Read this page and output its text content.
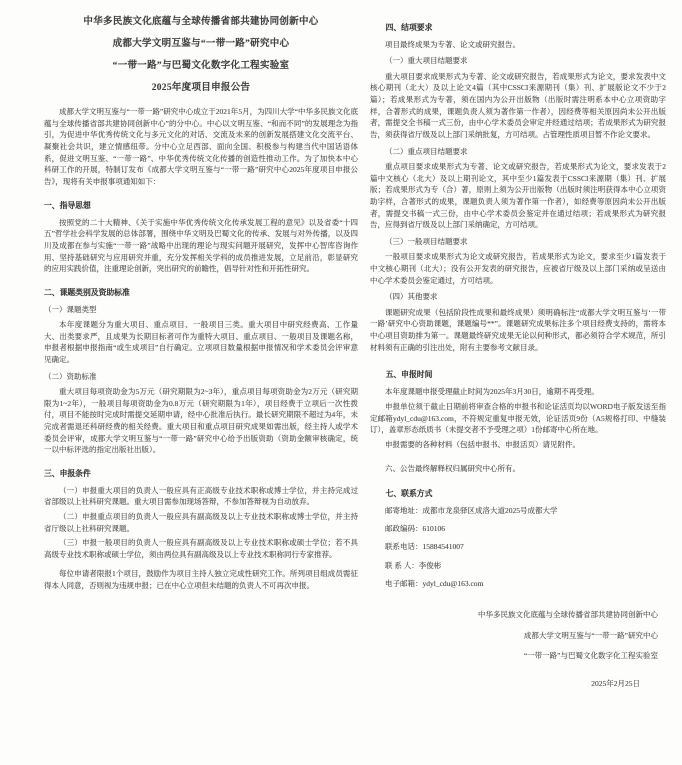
中华多民族文化底蕴与全球传播省部共建协同创新中心
成都大学文明互鉴与“一带一路”研究中心
“一带一路”与巴蜀文化数字化工程实验室
2025年度项目申报公告

成都大学文明互鉴与“一带一路”研究中心成立于2021年5月，为四川大学“中华多民族文化底蕴与全球传播省部共建协同创新中心”的分中心。中心以文明互鉴、“和而不同”的发展理念为指引，为促进中华优秀传统文化与多元文化的对话、交流及未来的创新发展搭建文化交流平台、凝聚社会共识，建立情感纽带。分中心立足西部、面向全国、积极参与构建当代中国话语体系，促进文明互鉴、“一带一路”、中华优秀传统文化传播的创造性推动工作。为了加快本中心科研工作的开展，特制订发布《成都大学文明互鉴与“一带一路”研究中心2025年度项目申报公告》，现将有关申报事项通知如下：

一、指导思想

按照党的二十大精神、《关于实施中华优秀传统文化传承发展工程的意见》以及省委“十四五”哲学社会科学发展的总体部署，围绕中华文明及巴蜀文化的传承、发展与对外传播，以及四川及成都在参与实施“一带一路”战略中出现的理论与现实问题开展研究，发挥中心智库咨询作用、坚持基础研究与应用研究并重，充分发挥相关学科的成员推进发展，立足前沿，彰显研究的应用实践价值，注重理论创新，突出研究的前瞻性，倡导针对性和开拓性研究。

二、课题类别及资助标准

（一）课题类型

本年度课题分为重大项目、重点项目、一般项目三类。重大项目中研究经费高、工作量大、出类要求严，且成果为长期目标者可作为重特大项目、重点项目、一般项目及课题名称，申报者根据申报指南“或生成项目”自行确定。立项项目数量根据申报情况和学术委员会评审意见确定。

（二）资助标准

重大项目每项资助金为5万元（研究期限为2~3年），重点项目每项资助金为2万元（研究期限为1~2年），一般项目每项资助金为0.8万元（研究期限为1年），项目经费于立项后一次性拨付，项目不能按时完成时需提交延期申请，经中心批准后执行。最长研究期限不超过为4年，未完成者需退还科研经费的相关经费。重大项目和重点项目研究成果如需出版，经主持人或学术委员会评审，成都大学文明互鉴与“一带一路”研究中心给予出版资助（资助金额审核确定，统一以中标评选的指定出版社出版）。

三、申报条件

（一）申报重大项目的负责人一般应具有正高级专业技术职称或博士学位，并主持完成过省部级以上社科研究课题。重大项目需参加现场答辩，不参加答辩视为自动放弃。

（二）申报重点项目的负责人一般应具有副高级及以上专业技术职称或博士学位，并主持省厅级以上社科研究课题。

（三）申报一般项目的负责人一般应具有副高级及以上专业技术职称或硕士学位；若不具高级专业技术职称或硕士学位，须由两位具有副高级及以上专业技术职称同行专家推荐。

每位申请者限报1个项目，鼓励作为项目主持人独立完成性研究工作。所列项目组成员需征得本人同意，否则视为违规申报；已在中心立项但未结题的负责人不可再次申报。

四、结项要求

项目最终成果为专著、论文或研究报告。

（一）重大项目结题要求

重大项目要求成果形式为专著、论文或研究报告，若成果形式为论文，要求发表中文核心期刊（北大）及以上论文4篇（其中CSSCI来源期刊（集）刊、扩展版论文不少于2篇）；若成果形式为专著，须在国内为公开出版物（出版时需注明系本中心立项资助字样，合著形式的成果，课题负责人须为著作第一作者），因经费等相关原因尚未公开出版者，需提交全书稿一式三份，由中心学术委员会审定并经通过结项；若成果形式为研究报告，须获得省厅级及以上部门采纳批复，方可结项。占管理性质项目暂不作论文要求。

（二）重点项目结题要求

重点项目要求成果形式为专著、论文或研究报告，若成果形式为论文，要求发表于2篇中文核心（北大）及以上期刊论文，其中至少1篇发表于CSSCI来源期（集）刊、扩展版；若成果形式为专（合）著，原则上须为公开出版物（出版时须注明获得本中心立项资助字样，合著形式的成果，课题负责人须为著作第一作者），如经费等原因尚未公开出版者，需提交书稿一式三份，由中心学术委员会鉴定并在通过结项；若成果形式为研究报告，应得到省厅级及以上部门采纳确定，方可结项。

（三）一般项目结题要求

一般项目要求成果形式为论文或研究报告，若成果形式为论文，要求至少1篇发表于中文核心期刊（北大）；没有公开发表的研究报告，应被省厅级及以上部门采纳或呈送由中心学术委员会鉴定通过，方可结项。

（四）其他要求

课题研究成果（包括阶段性成果和最终成果）须明确标注“成都大学文明互鉴与‘一带一路’研究中心资助课题，课题编号**”。课题研究成果标注多个项目经费支持的，需将本中心项目资助排为第一。课题最终研究成果无论以何种形式，都必须符合学术规范，所引材料须有正确的引注出处，附有主要参考文献目录。

五、申报时间

本年度课题申报受理截止时间为2025年3月30日，逾期不再受理。

申报单位须于截止日期前将审查合格的申报书和论证活页均以WORD电子版发送至指定邮箱ydyl_cdu@163.com，不符规定重复申报无效，论证活页9份（A5规格打印、中缝装订），盖章形态纸质书（未提交者不予受理之项）1份邮寄中心所在地。

申报需要的各种材料（包括申报书、申报活页）请见附件。

六、公告最终解释权归属研究中心所有。

七、联系方式

邮寄地址：成都市龙泉驿区成洛大道2025号成都大学

邮政编码：610106

联系电话：15884541007

联 系 人：李俊彬

电子邮箱：ydyl_cdu@163.com

中华多民族文化底蕴与全球传播省部共建协同创新中心

成都大学文明互鉴与“一带一路”研究中心

“一带一路”与巴蜀文化数字化工程实验室

2025年2月25日
